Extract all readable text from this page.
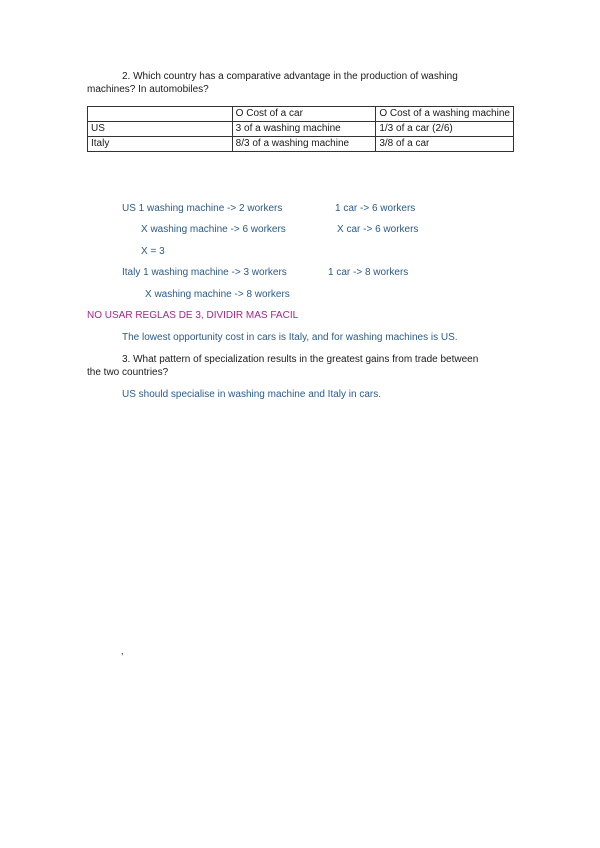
2. Which country has a comparative advantage in the production of washing
machines? In automobiles?
	O Cost of a car	O Cost of a washing machine
US	3 of a washing machine	1/3 of a car (2/6)
Italy	8/3 of a washing machine	3/8 of a car
US 1 washing machine -> 2 workers	1 car -> 6 workers
X washing machine -> 6 workers	X car -> 6 workers
X = 3
Italy 1 washing machine -> 3 workers	1 car -> 8 workers
X washing machine -> 8 workers
NO USAR REGLAS DE 3, DIVIDIR MAS FACIL
The lowest opportunity cost in cars is Italy, and for washing machines is US.
3. What pattern of specialization results in the greatest gains from trade between
the two countries?
US should specialise in washing machine and Italy in cars.
,
